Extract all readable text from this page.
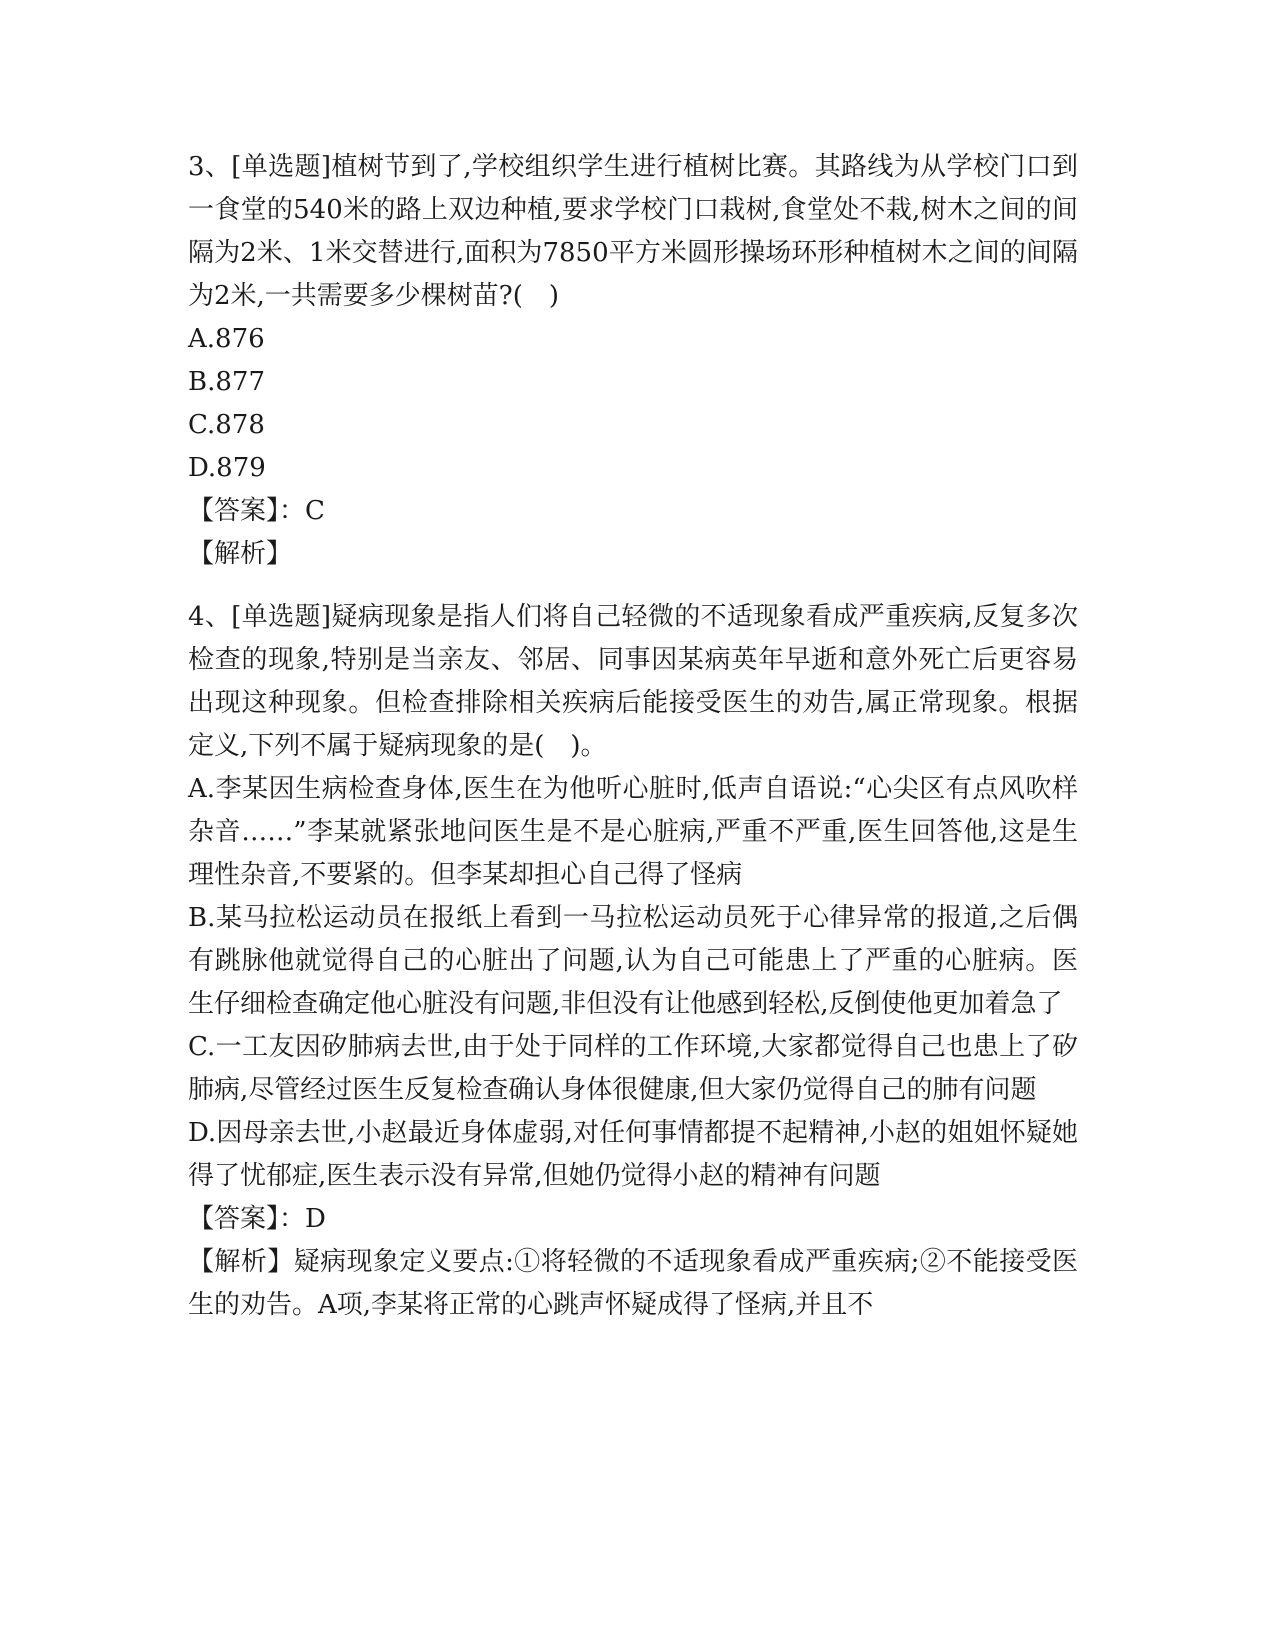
3、[单选题]植树节到了,学校组织学生进行植树比赛。其路线为从学校门口到一食堂的540米的路上双边种植,要求学校门口栽树,食堂处不栽,树木之间的间隔为2米、1米交替进行,面积为7850平方米圆形操场环形种植树木之间的间隔为2米,一共需要多少棵树苗?(　)
A.876
B.877
C.878
D.879
【答案】：C
【解析】
4、[单选题]疑病现象是指人们将自己轻微的不适现象看成严重疾病,反复多次检查的现象,特别是当亲友、邻居、同事因某病英年早逝和意外死亡后更容易出现这种现象。但检查排除相关疾病后能接受医生的劝告,属正常现象。根据定义,下列不属于疑病现象的是(　)。
A.李某因生病检查身体,医生在为他听心脏时,低声自语说:“心尖区有点风吹样杂音……”李某就紧张地问医生是不是心脏病,严重不严重,医生回答他,这是生理性杂音,不要紧的。但李某却担心自己得了怪病
B.某马拉松运动员在报纸上看到一马拉松运动员死于心律异常的报道,之后偶有跳脉他就觉得自己的心脏出了问题,认为自己可能患上了严重的心脏病。医生仔细检查确定他心脏没有问题,非但没有让他感到轻松,反倒使他更加着急了
C.一工友因矽肺病去世,由于处于同样的工作环境,大家都觉得自己也患上了矽肺病,尽管经过医生反复检查确认身体很健康,但大家仍觉得自己的肺有问题
D.因母亲去世,小赵最近身体虚弱,对任何事情都提不起精神,小赵的姐姐怀疑她得了忧郁症,医生表示没有异常,但她仍觉得小赵的精神有问题
【答案】：D
【解析】疑病现象定义要点:①将轻微的不适现象看成严重疾病;②不能接受医生的劝告。A项,李某将正常的心跳声怀疑成得了怪病,并且不
